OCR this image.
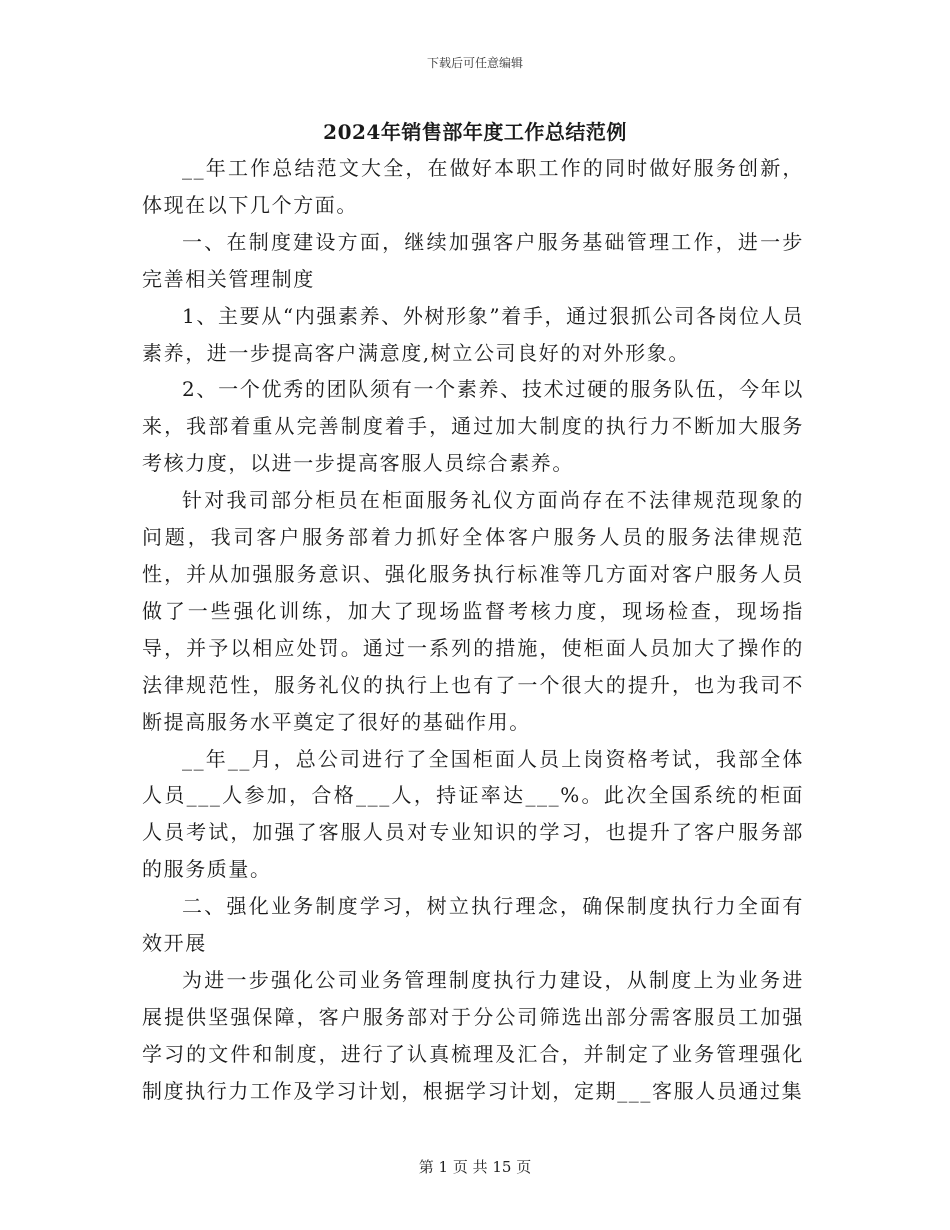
下载后可任意编辑
2024年销售部年度工作总结范例

__年工作总结范文大全，在做好本职工作的同时做好服务创新，体现在以下几个方面。

一、在制度建设方面，继续加强客户服务基础管理工作，进一步完善相关管理制度

1、主要从“内强素养、外树形象”着手，通过狠抓公司各岗位人员素养，进一步提高客户满意度,树立公司良好的对外形象。

2、一个优秀的团队须有一个素养、技术过硬的服务队伍，今年以来，我部着重从完善制度着手，通过加大制度的执行力不断加大服务考核力度，以进一步提高客服人员综合素养。

针对我司部分柜员在柜面服务礼仪方面尚存在不法律规范现象的问题，我司客户服务部着力抓好全体客户服务人员的服务法律规范性，并从加强服务意识、强化服务执行标准等几方面对客户服务人员做了一些强化训练，加大了现场监督考核力度，现场检查，现场指导，并予以相应处罚。通过一系列的措施，使柜面人员加大了操作的法律规范性，服务礼仪的执行上也有了一个很大的提升，也为我司不断提高服务水平奠定了很好的基础作用。

__年__月，总公司进行了全国柜面人员上岗资格考试，我部全体人员___人参加，合格___人，持证率达___%。此次全国系统的柜面人员考试，加强了客服人员对专业知识的学习，也提升了客户服务部的服务质量。

二、强化业务制度学习，树立执行理念，确保制度执行力全面有效开展

为进一步强化公司业务管理制度执行力建设，从制度上为业务进展提供坚强保障，客户服务部对于分公司筛选出部分需客服员工加强学习的文件和制度，进行了认真梳理及汇合，并制定了业务管理强化制度执行力工作及学习计划，根据学习计划，定期___客服人员通过集

第 1 页 共 15 页
